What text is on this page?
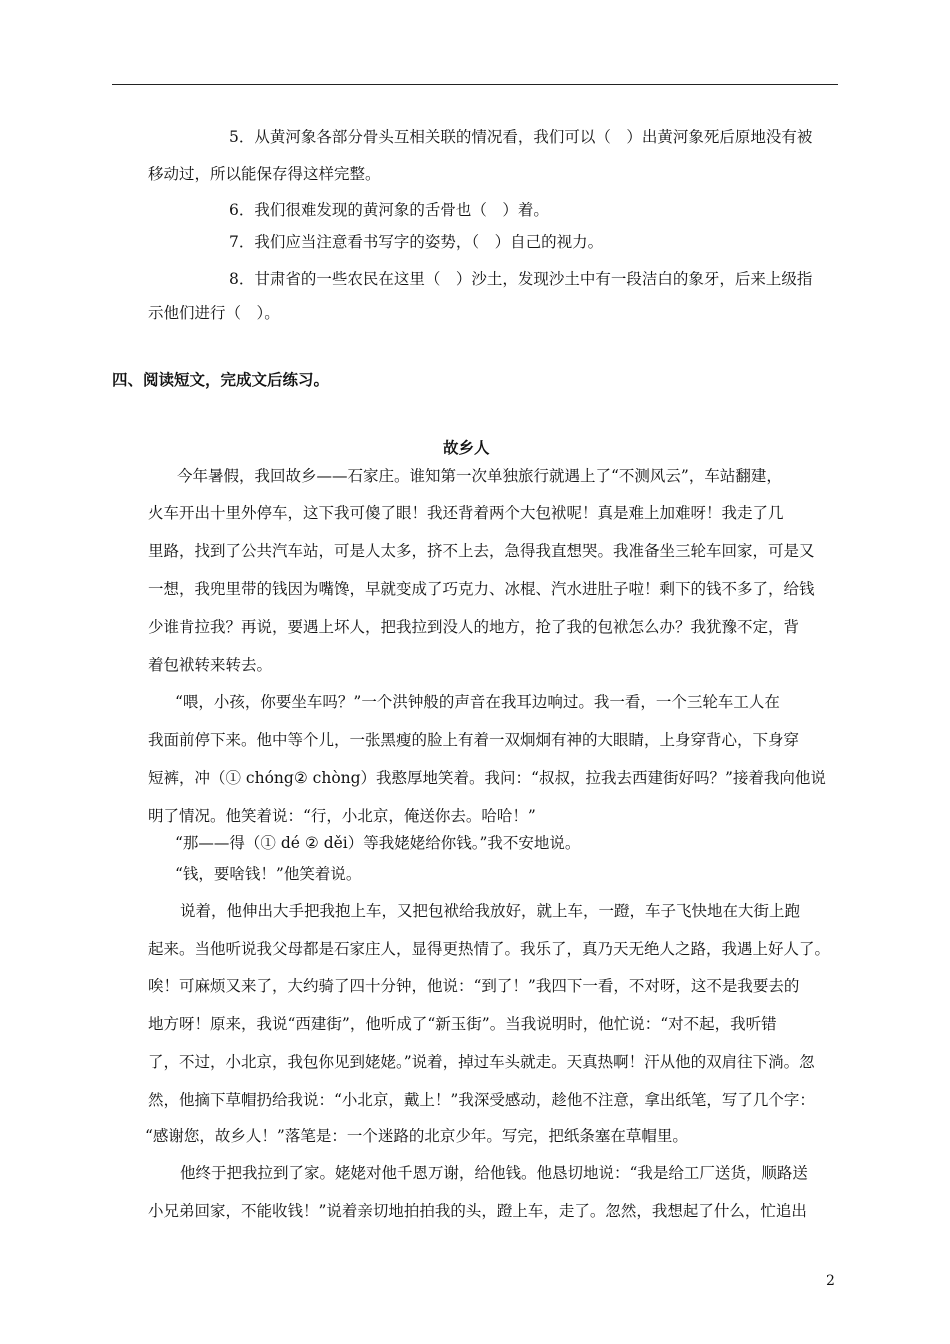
5．从黄河象各部分骨头互相关联的情况看，我们可以（　）出黄河象死后原地没有被
移动过，所以能保存得这样完整。
6．我们很难发现的黄河象的舌骨也（　）着。
7．我们应当注意看书写字的姿势，（　）自己的视力。
8．甘肃省的一些农民在这里（　）沙土，发现沙土中有一段洁白的象牙，后来上级指
示他们进行（　）。
四、阅读短文，完成文后练习。
故乡人
今年暑假，我回故乡——石家庄。谁知第一次单独旅行就遇上了“不测风云”，车站翻建，
火车开出十里外停车，这下我可傻了眼！我还背着两个大包袱呢！真是难上加难呀！我走了几
里路，找到了公共汽车站，可是人太多，挤不上去，急得我直想哭。我准备坐三轮车回家，可是又
一想，我兜里带的钱因为嘴馋，早就变成了巧克力、冰棍、汽水进肚子啦！剩下的钱不多了，给钱
少谁肯拉我？再说，要遇上坏人，把我拉到没人的地方，抢了我的包袱怎么办？我犹豫不定，背
着包袱转来转去。
“喂，小孩，你要坐车吗？”一个洪钟般的声音在我耳边响过。我一看，一个三轮车工人在
我面前停下来。他中等个儿，一张黑瘦的脸上有着一双炯炯有神的大眼睛，上身穿背心，下身穿
短裤，冲（① chóng② chòng）我憨厚地笑着。我问：“叔叔，拉我去西建街好吗？”接着我向他说
明了情况。他笑着说：“行，小北京，俺送你去。哈哈！”
“那——得（① dé ② děi）等我姥姥给你钱。”我不安地说。
“钱，要啥钱！”他笑着说。
说着，他伸出大手把我抱上车，又把包袱给我放好，就上车，一蹬，车子飞快地在大街上跑
起来。当他听说我父母都是石家庄人，显得更热情了。我乐了，真乃天无绝人之路，我遇上好人了。
唉！可麻烦又来了，大约骑了四十分钟，他说：“到了！”我四下一看，不对呀，这不是我要去的
地方呀！原来，我说“西建街”，他听成了“新玉街”。当我说明时，他忙说：“对不起，我听错
了，不过，小北京，我包你见到姥姥。”说着，掉过车头就走。天真热啊！汗从他的双肩往下淌。忽
然，他摘下草帽扔给我说：“小北京，戴上！”我深受感动，趁他不注意，拿出纸笔，写了几个字：
“感谢您，故乡人！”落笔是：一个迷路的北京少年。写完，把纸条塞在草帽里。
他终于把我拉到了家。姥姥对他千恩万谢，给他钱。他恳切地说：“我是给工厂送货，顺路送
小兄弟回家，不能收钱！”说着亲切地拍拍我的头，蹬上车，走了。忽然，我想起了什么，忙追出
2
